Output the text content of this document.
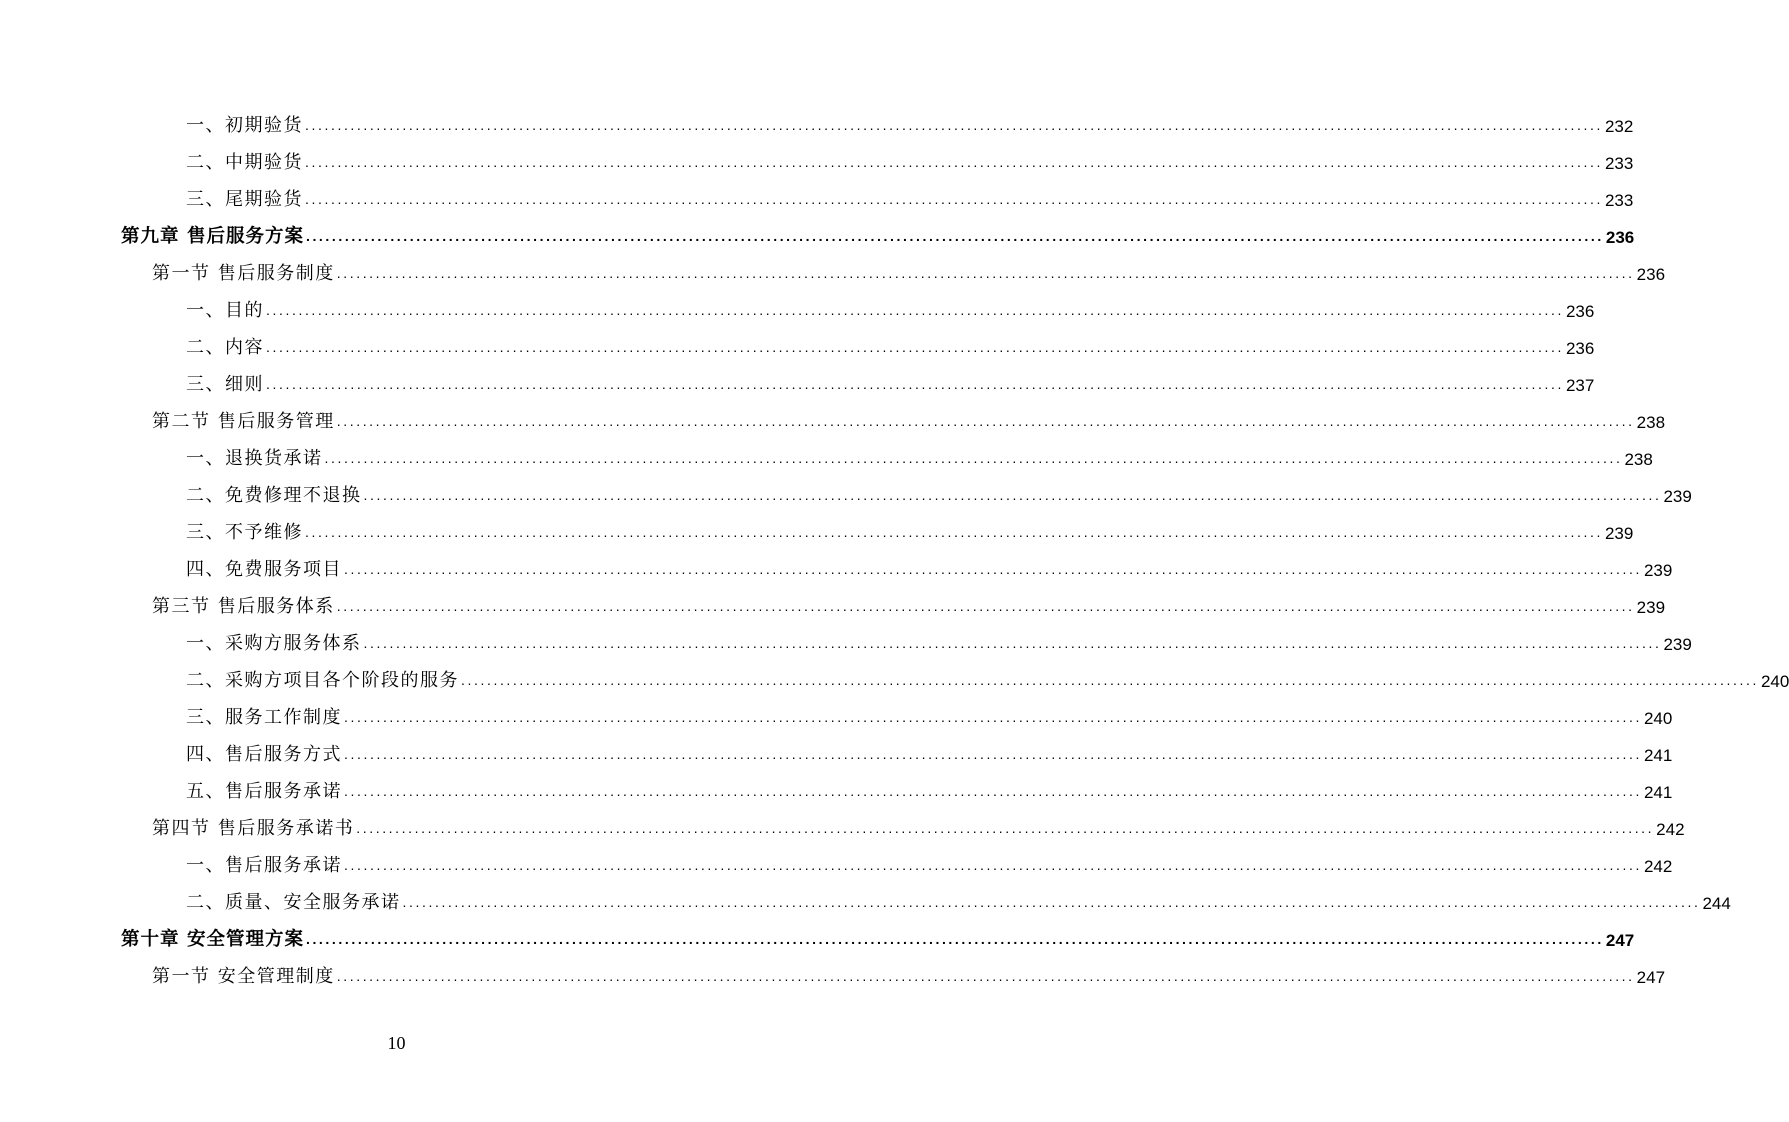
一、初期验货 ........................................................................................................................................................................................................ 232
二、中期验货 ........................................................................................................................................................................................................ 233
三、尾期验货 ........................................................................................................................................................................................................ 233
第九章 售后服务方案 ........................................................................................................................................................................................................ 236
第一节 售后服务制度 ........................................................................................................................................................................................................ 236
一、目的 ........................................................................................................................................................................................................ 236
二、内容 ........................................................................................................................................................................................................ 236
三、细则 ........................................................................................................................................................................................................ 237
第二节 售后服务管理 ........................................................................................................................................................................................................ 238
一、退换货承诺 ........................................................................................................................................................................................................ 238
二、免费修理不退换 ........................................................................................................................................................................................................ 239
三、不予维修 ........................................................................................................................................................................................................ 239
四、免费服务项目 ........................................................................................................................................................................................................ 239
第三节 售后服务体系 ........................................................................................................................................................................................................ 239
一、采购方服务体系 ........................................................................................................................................................................................................ 239
二、采购方项目各个阶段的服务 ........................................................................................................................................................................................................ 240
三、服务工作制度 ........................................................................................................................................................................................................ 240
四、售后服务方式 ........................................................................................................................................................................................................ 241
五、售后服务承诺 ........................................................................................................................................................................................................ 241
第四节 售后服务承诺书 ........................................................................................................................................................................................................ 242
一、售后服务承诺 ........................................................................................................................................................................................................ 242
二、质量、安全服务承诺 ........................................................................................................................................................................................................ 244
第十章 安全管理方案 ........................................................................................................................................................................................................ 247
第一节 安全管理制度 ........................................................................................................................................................................................................ 247
10
